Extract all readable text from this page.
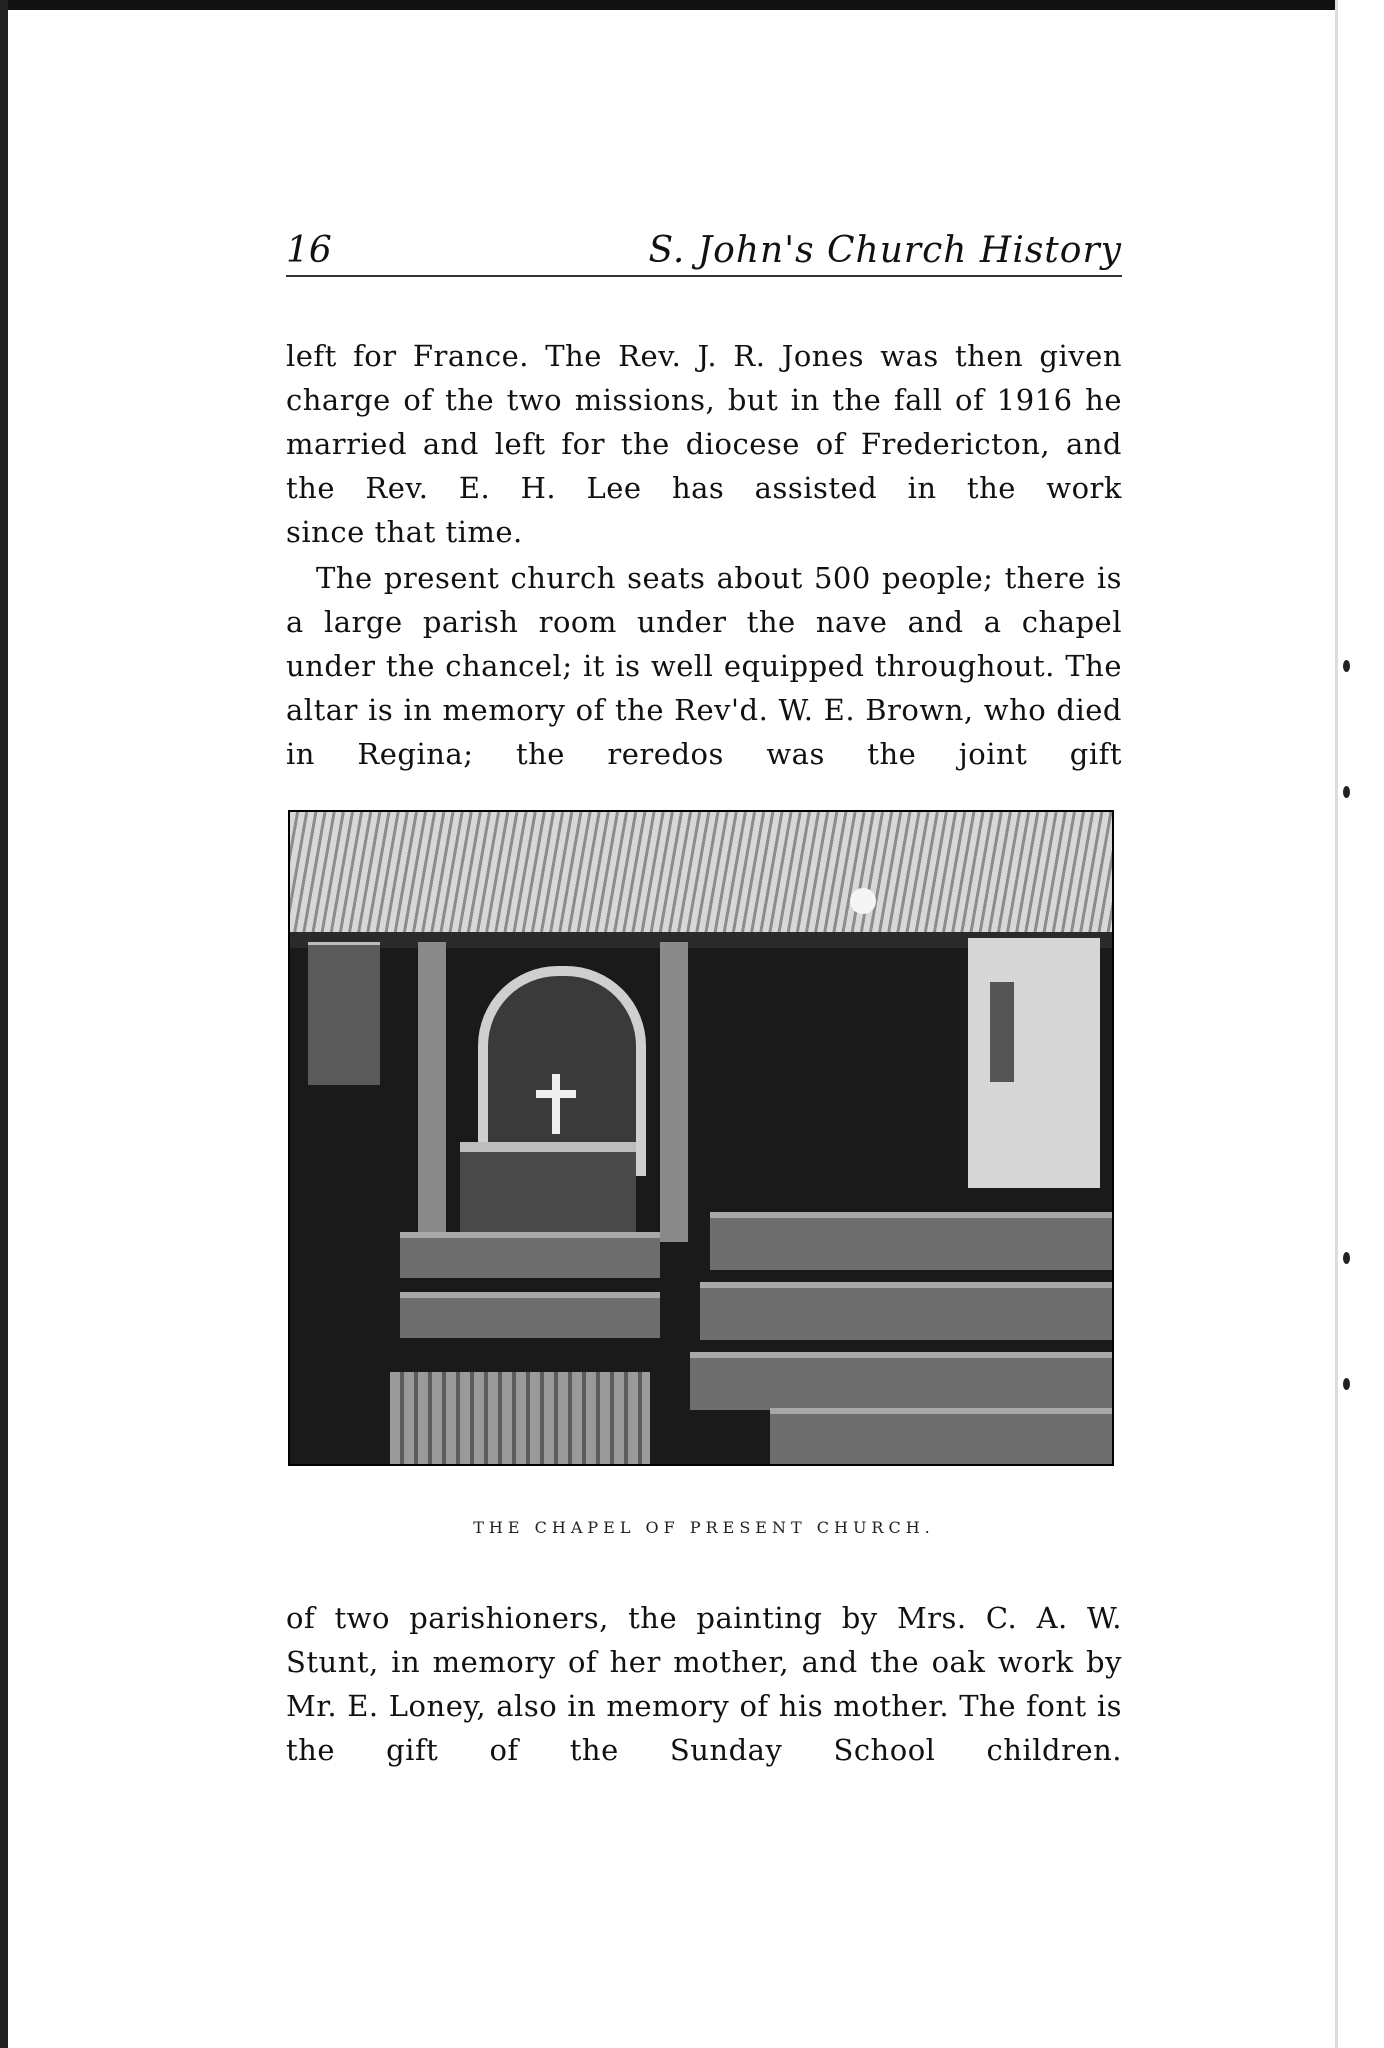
16	S. John's Church History

left for France. The Rev. J. R. Jones was then given charge of the two missions, but in the fall of 1916 he married and left for the diocese of Fredericton, and the Rev. E. H. Lee has assisted in the work
since that time.

The present church seats about 500 people; there is a large parish room under the nave and a chapel under the chancel; it is well equipped throughout. The altar is in memory of the Rev'd. W. E. Brown, who died in Regina; the reredos was the joint gift

THE CHAPEL OF PRESENT CHURCH.

of two parishioners, the painting by Mrs. C. A. W. Stunt, in memory of her mother, and the oak work by Mr. E. Loney, also in memory of his mother. The font is the gift of the Sunday School children.
